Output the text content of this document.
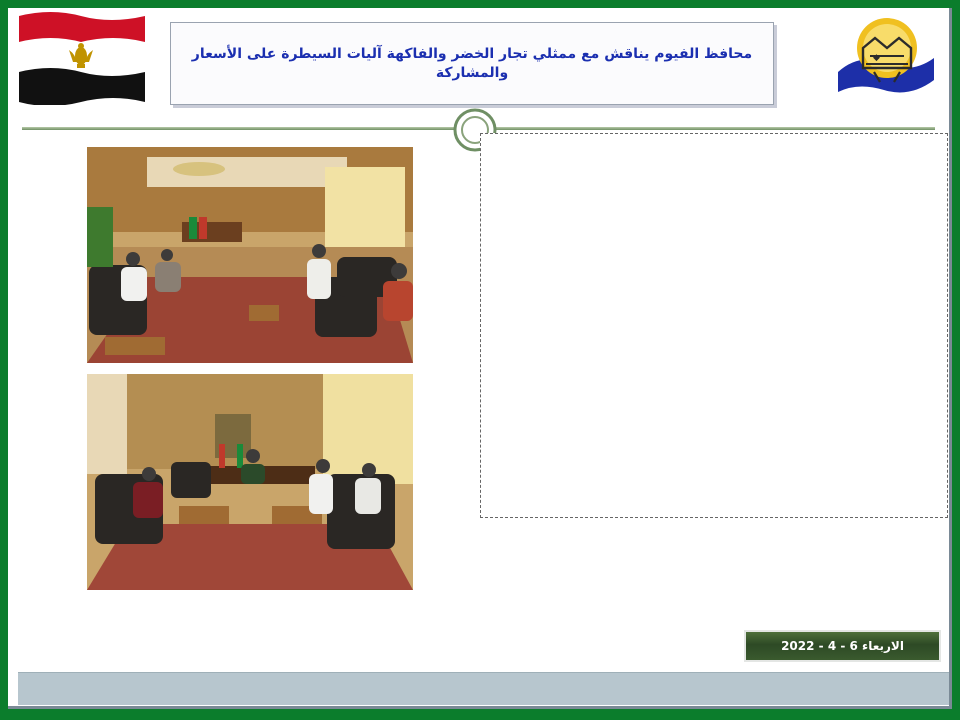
محافظ الفيوم يناقش مع ممثلي تجار الخضر والفاكهة آليات السيطرة على الأسعار والمشاركة
◆

الاربعاء 6 - 4 - 2022
